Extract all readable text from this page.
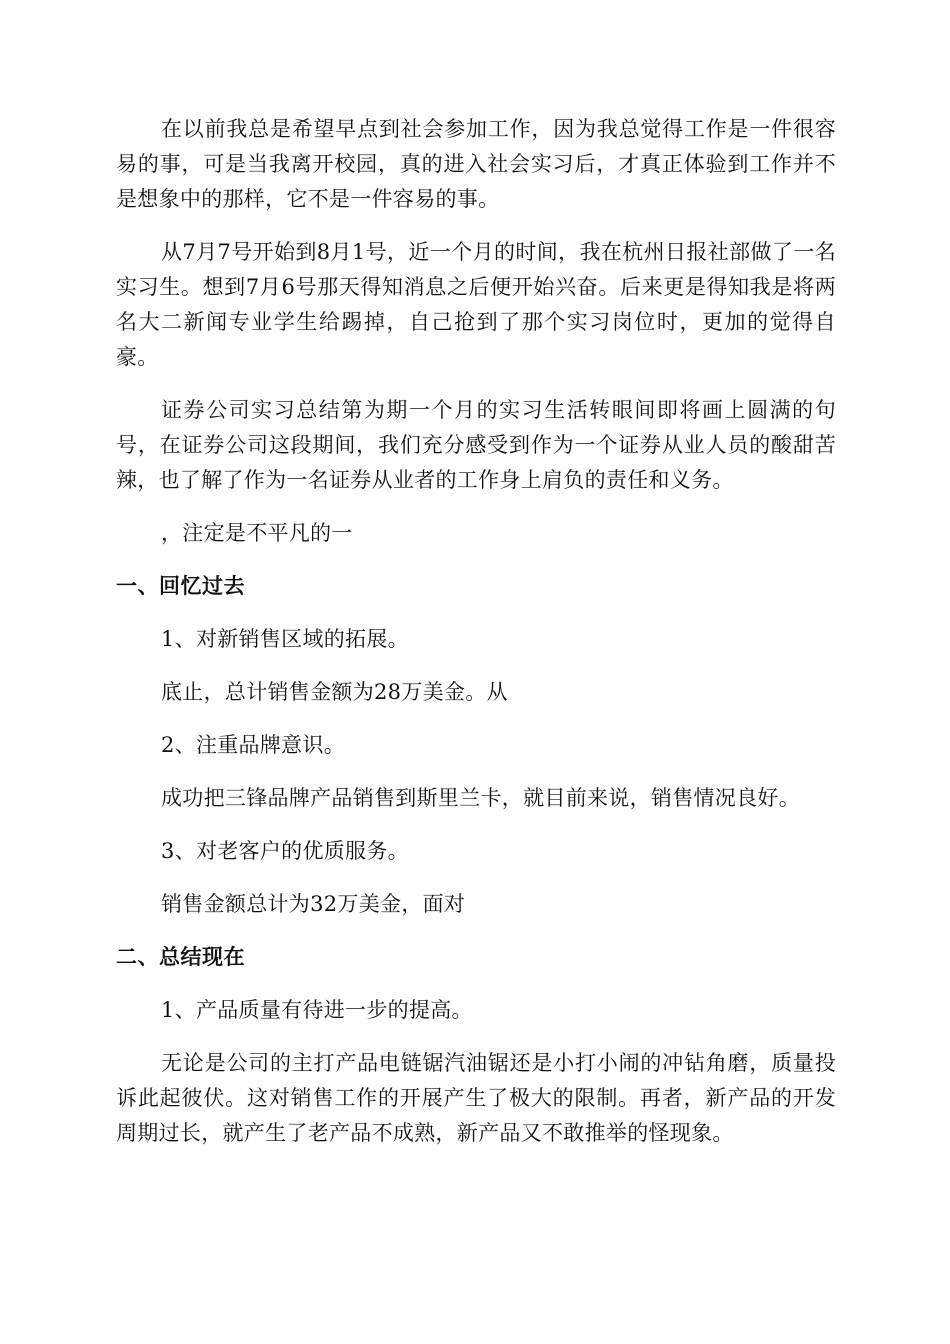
在以前我总是希望早点到社会参加工作，因为我总觉得工作是一件很容易的事，可是当我离开校园，真的进入社会实习后，才真正体验到工作并不是想象中的那样，它不是一件容易的事。

从7月7号开始到8月1号，近一个月的时间，我在杭州日报社部做了一名实习生。想到7月6号那天得知消息之后便开始兴奋。后来更是得知我是将两名大二新闻专业学生给踢掉，自己抢到了那个实习岗位时，更加的觉得自豪。

证券公司实习总结第为期一个月的实习生活转眼间即将画上圆满的句号，在证券公司这段期间，我们充分感受到作为一个证券从业人员的酸甜苦辣，也了解了作为一名证券从业者的工作身上肩负的责任和义务。

，注定是不平凡的一

一、回忆过去

1、对新销售区域的拓展。

底止，总计销售金额为28万美金。从

2、注重品牌意识。

成功把三锋品牌产品销售到斯里兰卡，就目前来说，销售情况良好。

3、对老客户的优质服务。

销售金额总计为32万美金，面对

二、总结现在

1、产品质量有待进一步的提高。

无论是公司的主打产品电链锯汽油锯还是小打小闹的冲钻角磨，质量投诉此起彼伏。这对销售工作的开展产生了极大的限制。再者，新产品的开发周期过长，就产生了老产品不成熟，新产品又不敢推举的怪现象。
